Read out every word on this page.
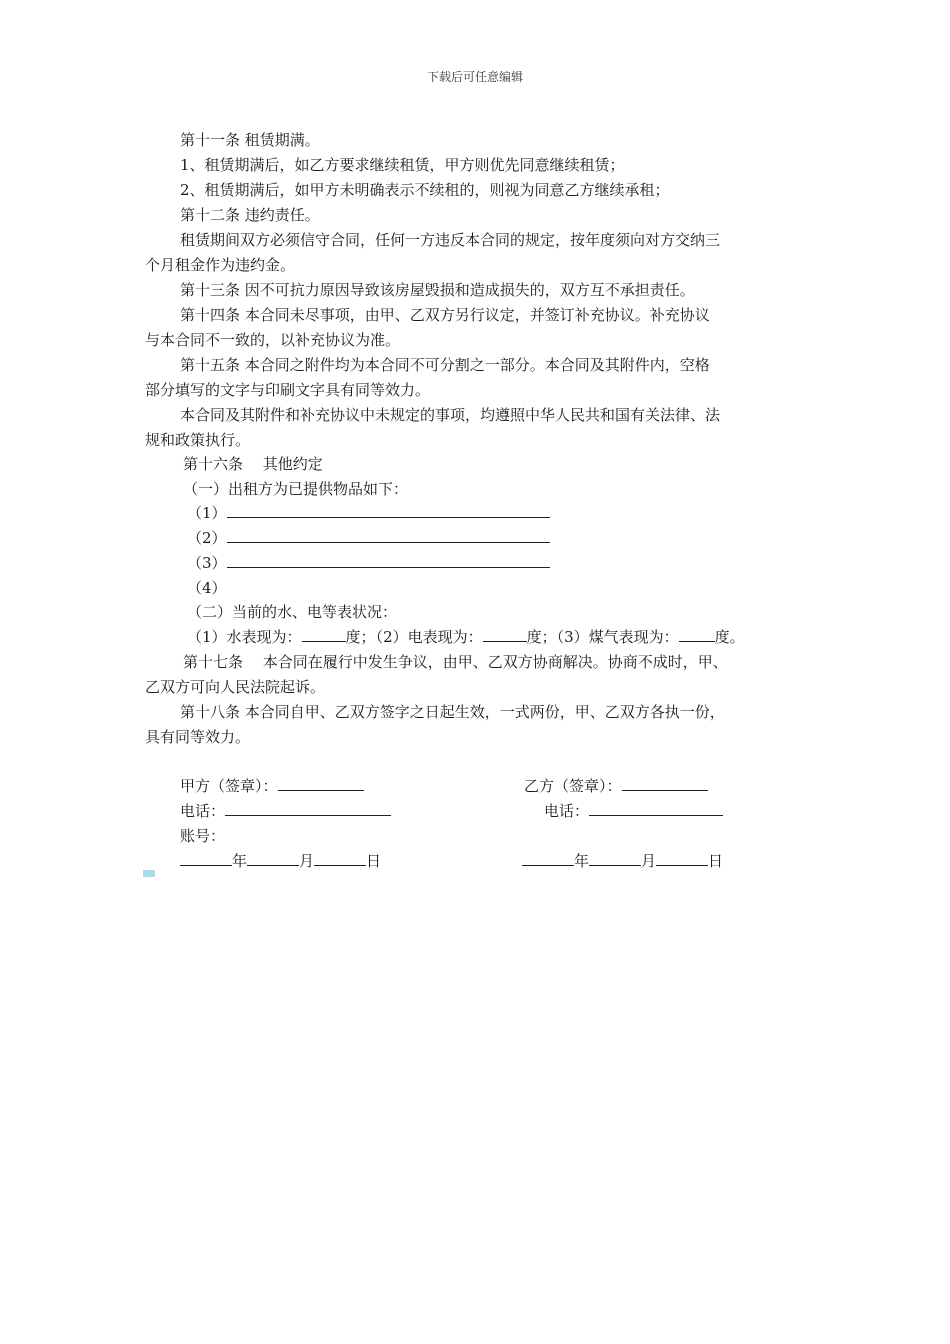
下载后可任意编辑
第十一条 租赁期满。
1、租赁期满后，如乙方要求继续租赁，甲方则优先同意继续租赁；
2、租赁期满后，如甲方未明确表示不续租的，则视为同意乙方继续承租；
第十二条 违约责任。
租赁期间双方必须信守合同，任何一方违反本合同的规定，按年度须向对方交纳三
个月租金作为违约金。
第十三条 因不可抗力原因导致该房屋毁损和造成损失的，双方互不承担责任。
第十四条 本合同未尽事项，由甲、乙双方另行议定，并签订补充协议。补充协议
与本合同不一致的，以补充协议为准。
第十五条 本合同之附件均为本合同不可分割之一部分。本合同及其附件内，空格
部分填写的文字与印刷文字具有同等效力。
本合同及其附件和补充协议中未规定的事项，均遵照中华人民共和国有关法律、法
规和政策执行。
第十六条　 其他约定
（一）出租方为已提供物品如下：
（1）
（2）
（3）
（4）
（二）当前的水、电等表状况：
（1）水表现为：	度；（2）电表现为：	度；（3）煤气表现为： 度。
第十七条　 本合同在履行中发生争议，由甲、乙双方协商解决。协商不成时，甲、
乙双方可向人民法院起诉。
第十八条 本合同自甲、乙双方签字之日起生效，一式两份，甲、乙双方各执一份，
具有同等效力。
甲方（签章）：
电话：
账号：
年	月	日
乙方（签章）：
电话：
年	月	日
